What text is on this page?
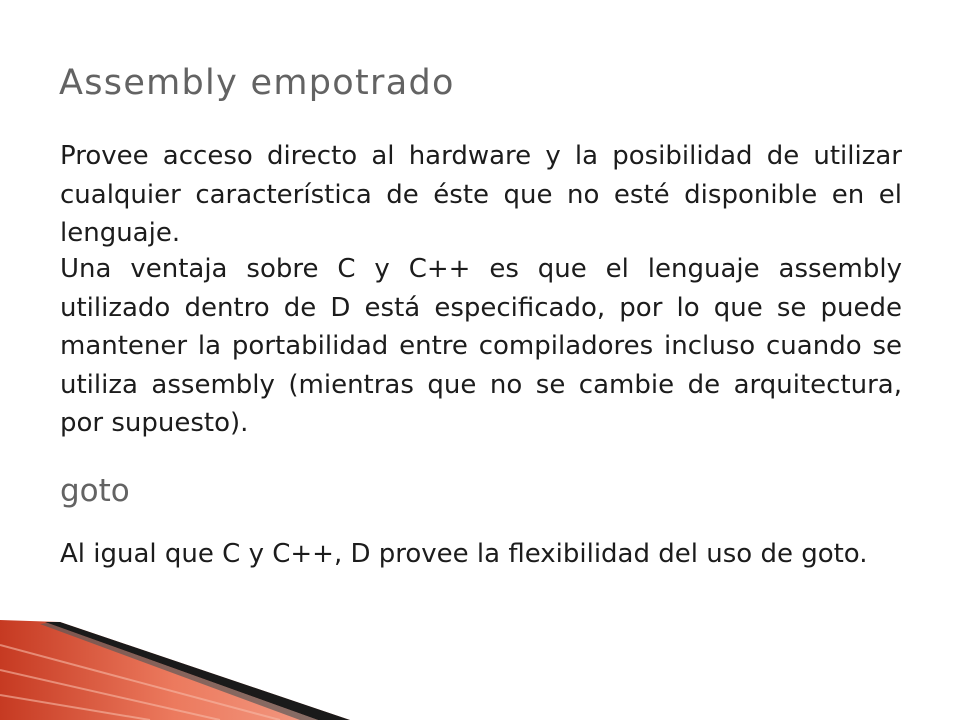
Assembly empotrado

Provee acceso directo al hardware y la posibilidad de utilizar cualquier característica de éste que no esté disponible en el lenguaje.

Una ventaja sobre C y C++ es que el lenguaje assembly utilizado dentro de D está especificado, por lo que se puede mantener la portabilidad entre compiladores incluso cuando se utiliza assembly (mientras que no se cambie de arquitectura, por supuesto).

goto

Al igual que C y C++, D provee la flexibilidad del uso de goto.
